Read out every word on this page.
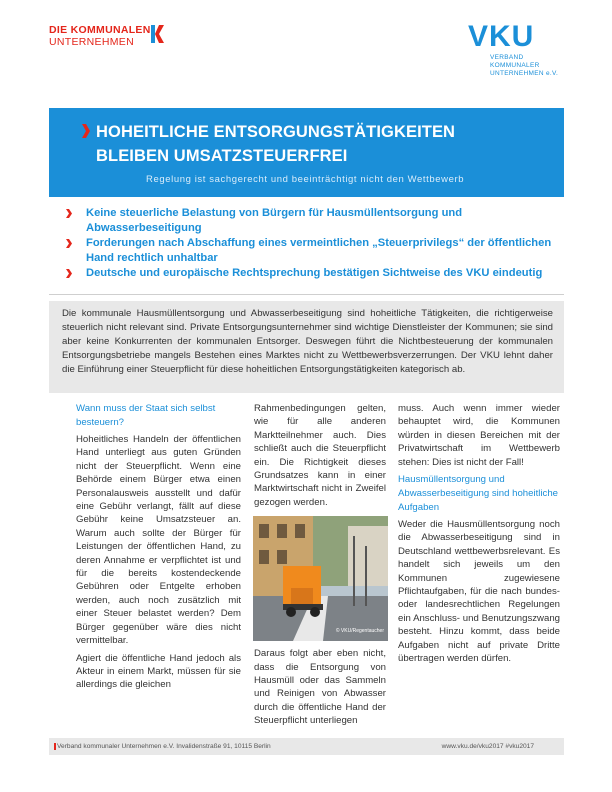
DIE KOMMUNALEN
UNTERNEHMEN	VKU
VERBAND KOMMUNALER
UNTERNEHMEN e.V.
HOHEITLICHE ENTSORGUNGSTÄTIGKEITEN
BLEIBEN UMSATZSTEUERFREI
Regelung ist sachgerecht und beeinträchtigt nicht den Wettbewerb
Keine steuerliche Belastung von Bürgern für Hausmüllentsorgung und Abwasserbeseitigung
Forderungen nach Abschaffung eines vermeintlichen „Steuerprivilegs“ der öffentlichen Hand rechtlich unhaltbar
Deutsche und europäische Rechtsprechung bestätigen Sichtweise des VKU eindeutig

Die kommunale Hausmüllentsorgung und Abwasserbeseitigung sind hoheitliche Tätigkeiten, die richtigerweise steuerlich nicht relevant sind. Private Entsorgungsunternehmer sind wichtige Dienstleister der Kommunen; sie sind aber keine Konkurrenten der kommunalen Entsorger. Deswegen führt die Nichtbesteuerung der kommunalen Entsorgungsbetriebe mangels Bestehen eines Marktes nicht zu Wettbewerbsverzerrungen. Der VKU lehnt daher die Einführung einer Steuerpflicht für diese hoheitlichen Entsorgungstätigkeiten kategorisch ab.

Wann muss der Staat sich selbst besteuern?

Hoheitliches Handeln der öffentlichen Hand unterliegt aus guten Gründen nicht der Steuerpflicht. Wenn eine Behörde einem Bürger etwa einen Personalausweis ausstellt und dafür eine Gebühr verlangt, fällt auf diese Gebühr keine Umsatzsteuer an. Warum auch sollte der Bürger für Leistungen der öffentlichen Hand, zu deren Annahme er verpflichtet ist und für die bereits kostendeckende Gebühren oder Entgelte erhoben werden, auch noch zusätzlich mit einer Steuer belastet werden? Dem Bürger gegenüber wäre dies nicht vermittelbar.

Agiert die öffentliche Hand jedoch als Akteur in einem Markt, müssen für sie allerdings die gleichen

Rahmenbedingungen gelten, wie für alle anderen Marktteilnehmer auch. Dies schließt auch die Steuerpflicht ein. Die Richtigkeit dieses Grundsatzes kann in einer Marktwirtschaft nicht in Zweifel gezogen werden.

© VKU/Regentaucher

Daraus folgt aber eben nicht, dass die Entsorgung von Hausmüll oder das Sammeln und Reinigen von Abwasser durch die öffentliche Hand der Steuerpflicht unterliegen

muss. Auch wenn immer wieder behauptet wird, die Kommunen würden in diesen Bereichen mit der Privatwirtschaft im Wettbewerb stehen: Dies ist nicht der Fall!

Hausmüllentsorgung und Abwasserbeseitigung sind hoheitliche Aufgaben

Weder die Hausmüllentsorgung noch die Abwasserbeseitigung sind in Deutschland wettbewerbsrelevant. Es handelt sich jeweils um den Kommunen zugewiesene Pflichtaufgaben, für die nach bundes- oder landesrechtlichen Regelungen ein Anschluss- und Benutzungszwang besteht. Hinzu kommt, dass beide Aufgaben nicht auf private Dritte übertragen werden dürfen.

Verband kommunaler Unternehmen e.V. Invalidenstraße 91, 10115 Berlin	www.vku.de/vku2017 #vku2017
